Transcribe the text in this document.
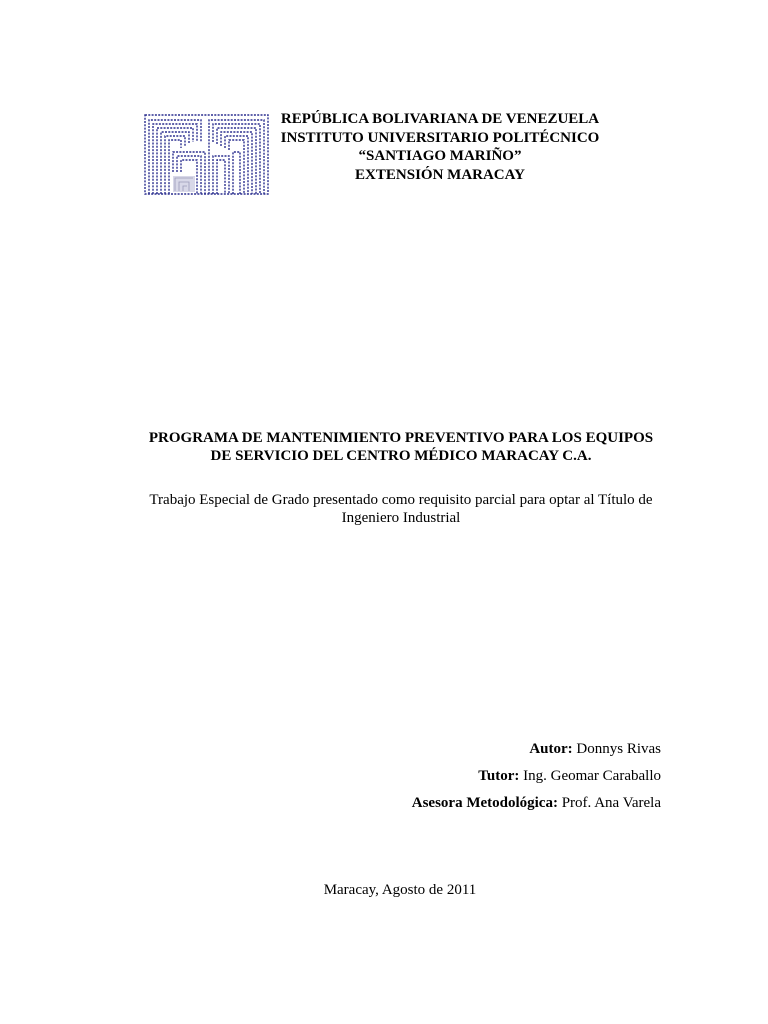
REPÚBLICA BOLIVARIANA DE VENEZUELA
INSTITUTO UNIVERSITARIO POLITÉCNICO
“SANTIAGO MARIÑO”
EXTENSIÓN MARACAY
PROGRAMA DE MANTENIMIENTO PREVENTIVO PARA LOS EQUIPOS
DE SERVICIO DEL CENTRO MÉDICO MARACAY C.A.
Trabajo Especial de Grado presentado como requisito parcial para optar al Título de
Ingeniero Industrial
Autor: Donnys Rivas
Tutor: Ing. Geomar Caraballo
Asesora Metodológica: Prof. Ana Varela
Maracay, Agosto de 2011
